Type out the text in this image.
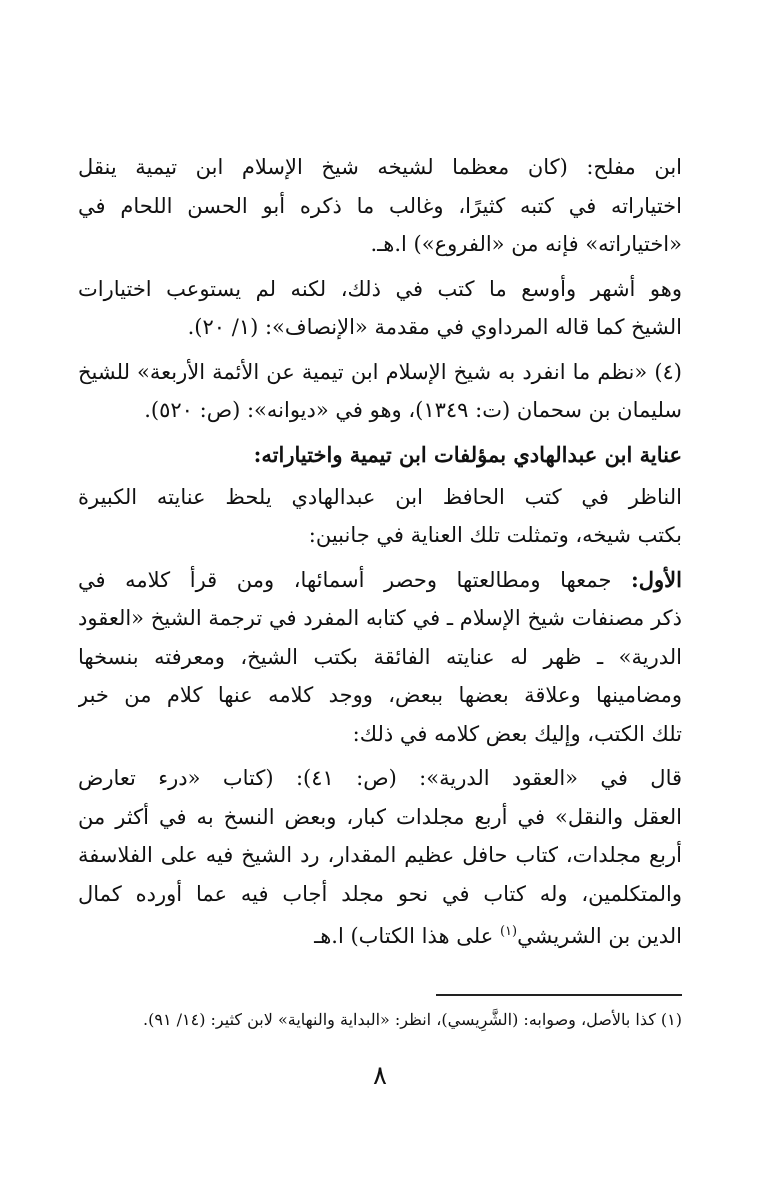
ابن مفلح: (كان معظما لشيخه شيخ الإسلام ابن تيمية ينقل
اختياراته في كتبه كثيرًا، وغالب ما ذكره أبو الحسن اللحام في
«اختياراته» فإنه من «الفروع») ا.هـ.
وهو أشهر وأوسع ما كتب في ذلك، لكنه لم يستوعب اختيارات
الشيخ كما قاله المرداوي في مقدمة «الإنصاف»: (١/ ٢٠).
(٤) «نظم ما انفرد به شيخ الإسلام ابن تيمية عن الأئمة الأربعة» للشيخ
سليمان بن سحمان (ت: ١٣٤٩)، وهو في «ديوانه»: (ص: ٥٢٠).
عناية ابن عبدالهادي بمؤلفات ابن تيمية واختياراته:
الناظر في كتب الحافظ ابن عبدالهادي يلحظ عنايته الكبيرة
بكتب شيخه، وتمثلت تلك العناية في جانبين:
الأول: جمعها ومطالعتها وحصر أسمائها، ومن قرأ كلامه في
ذكر مصنفات شيخ الإسلام ـ في كتابه المفرد في ترجمة الشيخ «العقود
الدرية» ـ ظهر له عنايته الفائقة بكتب الشيخ، ومعرفته بنسخها
ومضامينها وعلاقة بعضها ببعض، ووجد كلامه عنها كلام من خبر
تلك الكتب، وإليك بعض كلامه في ذلك:
قال في «العقود الدرية»: (ص: ٤١): (كتاب «درء تعارض
العقل والنقل» في أربع مجلدات كبار، وبعض النسخ به في أكثر من
أربع مجلدات، كتاب حافل عظيم المقدار، رد الشيخ فيه على الفلاسفة
والمتكلمين، وله كتاب في نحو مجلد أجاب فيه عما أورده كمال
الدين بن الشريشي$^{(١)}$ على هذا الكتاب) ا.هـ
(١) كذا بالأصل، وصوابه: (الشَّرِيسي)، انظر: «البداية والنهاية» لابن كثير: (١٤/ ٩١).
٨
